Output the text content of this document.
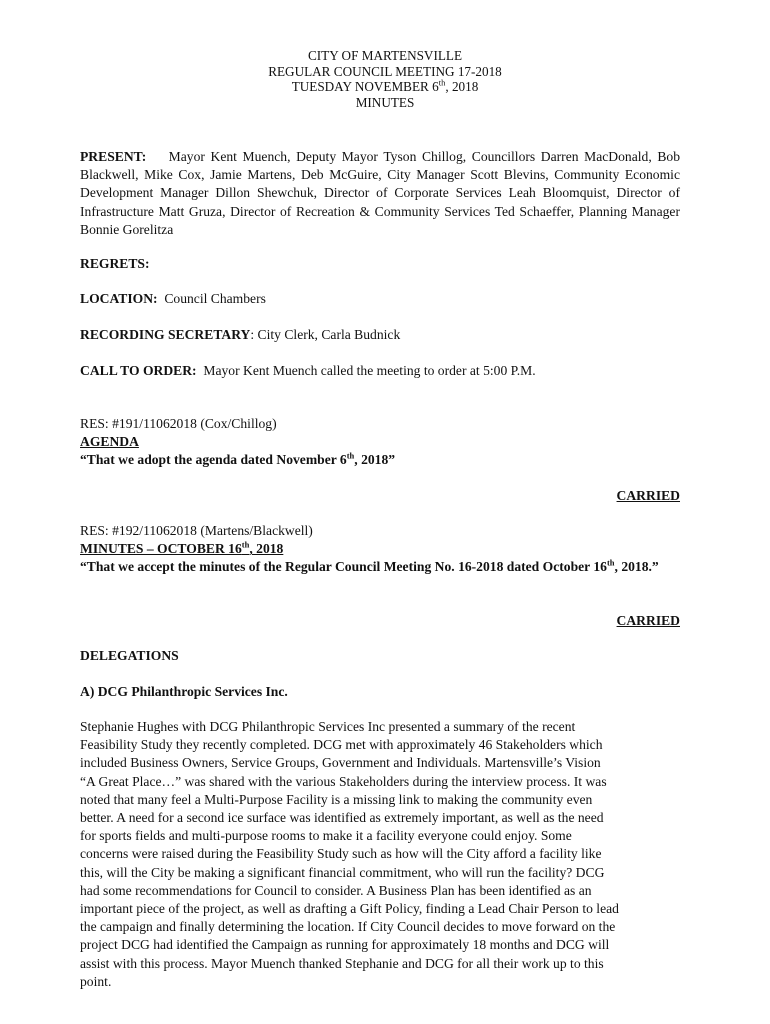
CITY OF MARTENSVILLE
REGULAR COUNCIL MEETING 17-2018
TUESDAY NOVEMBER 6th, 2018
MINUTES
PRESENT: Mayor Kent Muench, Deputy Mayor Tyson Chillog, Councillors Darren MacDonald, Bob Blackwell, Mike Cox, Jamie Martens, Deb McGuire, City Manager Scott Blevins, Community Economic Development Manager Dillon Shewchuk, Director of Corporate Services Leah Bloomquist, Director of Infrastructure Matt Gruza, Director of Recreation & Community Services Ted Schaeffer, Planning Manager Bonnie Gorelitza
REGRETS:
LOCATION: Council Chambers
RECORDING SECRETARY: City Clerk, Carla Budnick
CALL TO ORDER: Mayor Kent Muench called the meeting to order at 5:00 P.M.
RES: #191/11062018 (Cox/Chillog)
AGENDA
“That we adopt the agenda dated November 6th, 2018”
CARRIED
RES: #192/11062018 (Martens/Blackwell)
MINUTES – OCTOBER 16th, 2018
“That we accept the minutes of the Regular Council Meeting No. 16-2018 dated October 16th, 2018.”
CARRIED
DELEGATIONS
A) DCG Philanthropic Services Inc.
Stephanie Hughes with DCG Philanthropic Services Inc presented a summary of the recent
Feasibility Study they recently completed. DCG met with approximately 46 Stakeholders which
included Business Owners, Service Groups, Government and Individuals. Martensville’s Vision
“A Great Place…” was shared with the various Stakeholders during the interview process. It was
noted that many feel a Multi-Purpose Facility is a missing link to making the community even
better. A need for a second ice surface was identified as extremely important, as well as the need
for sports fields and multi-purpose rooms to make it a facility everyone could enjoy. Some
concerns were raised during the Feasibility Study such as how will the City afford a facility like
this, will the City be making a significant financial commitment, who will run the facility? DCG
had some recommendations for Council to consider. A Business Plan has been identified as an
important piece of the project, as well as drafting a Gift Policy, finding a Lead Chair Person to lead
the campaign and finally determining the location. If City Council decides to move forward on the
project DCG had identified the Campaign as running for approximately 18 months and DCG will
assist with this process. Mayor Muench thanked Stephanie and DCG for all their work up to this
point.
